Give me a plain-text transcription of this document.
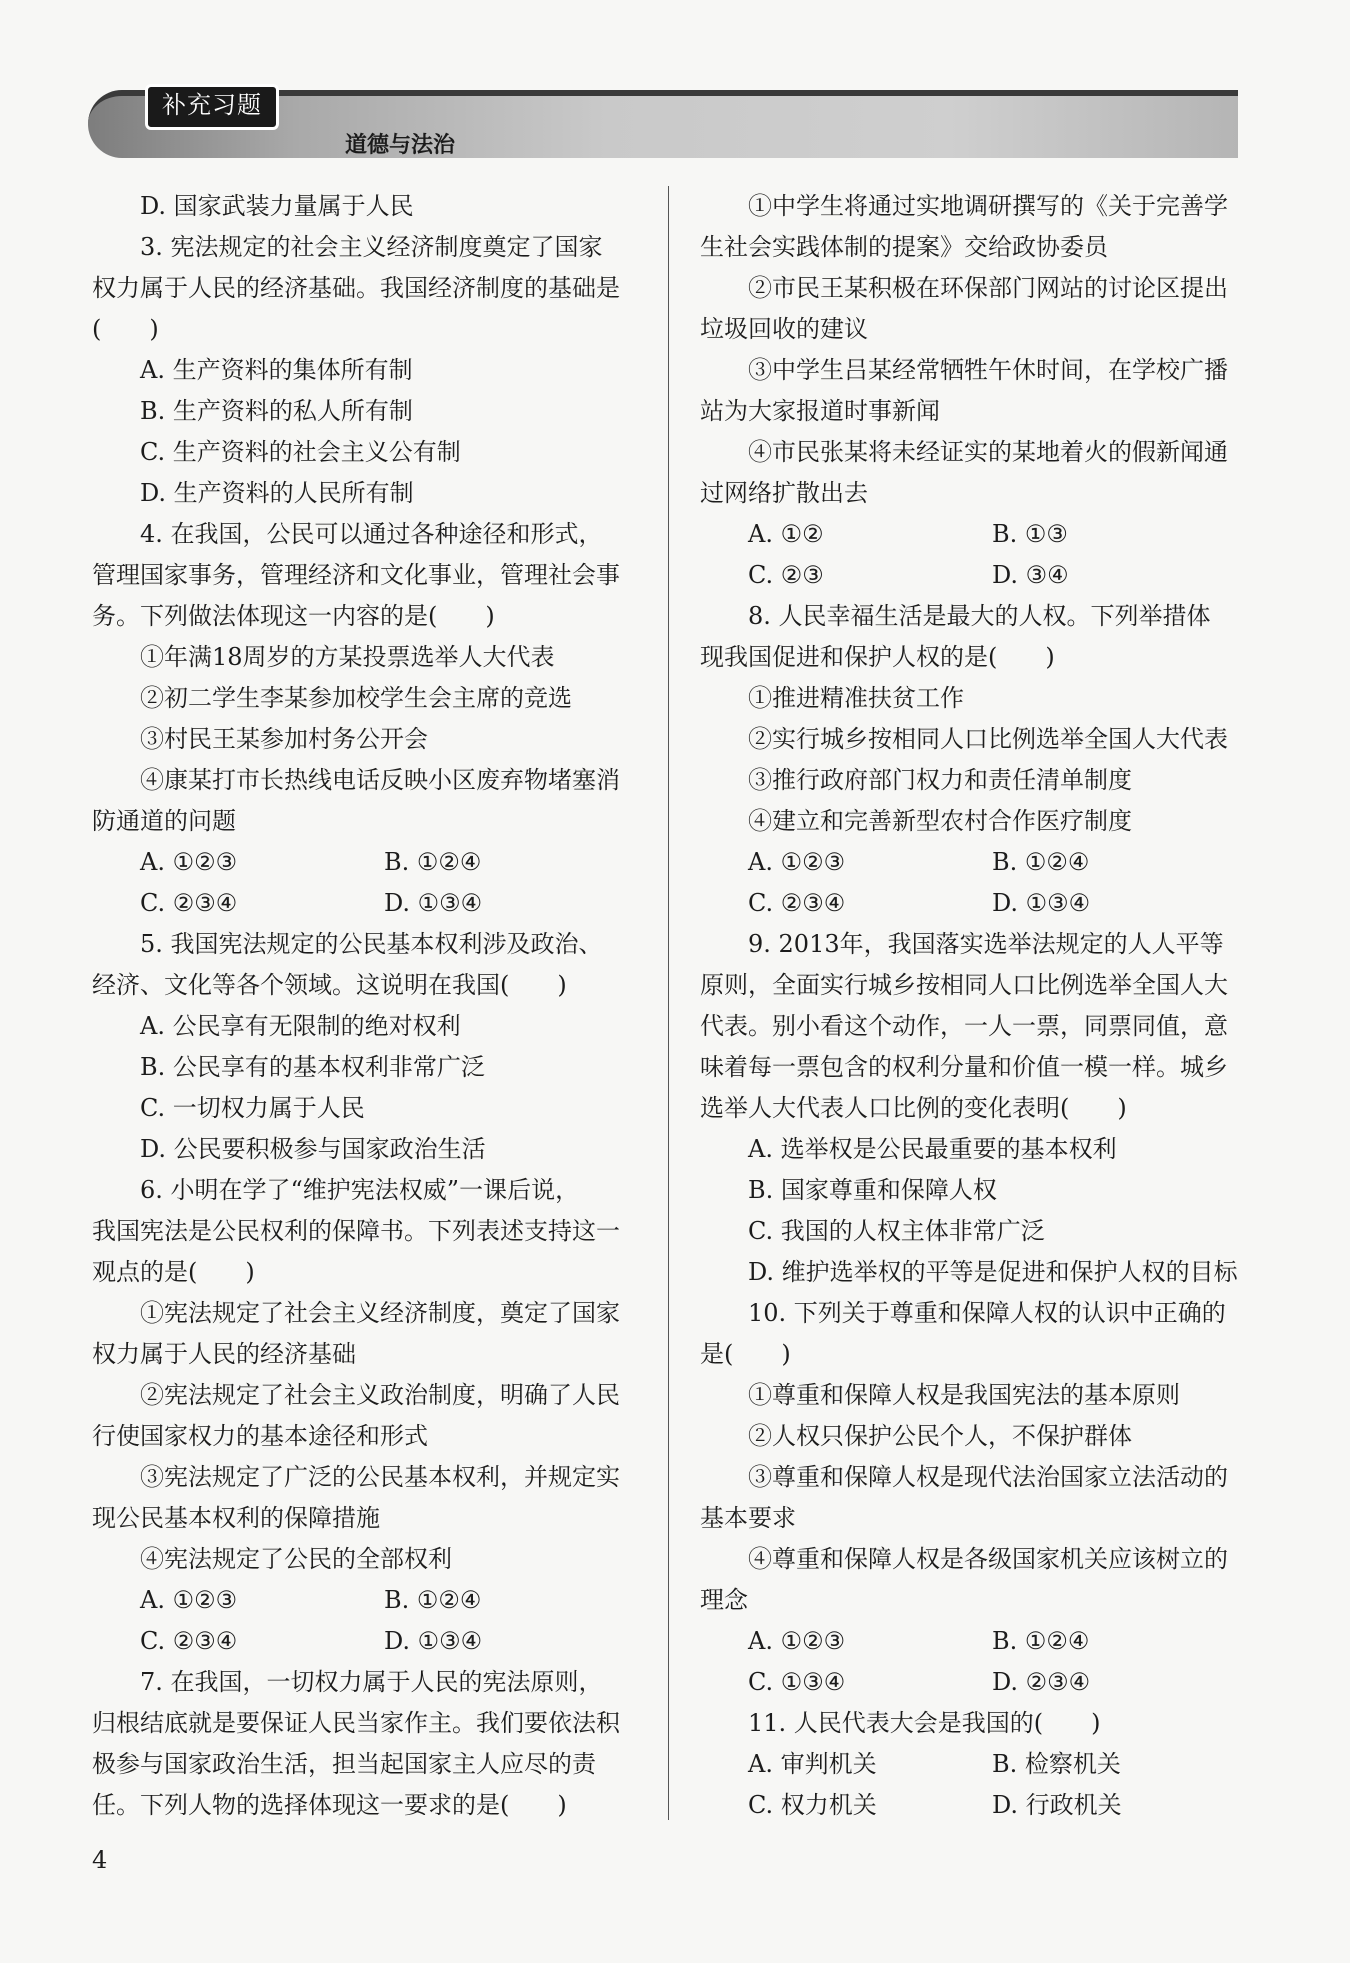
补充习题
道德与法治
D. 国家武装力量属于人民
3. 宪法规定的社会主义经济制度奠定了国家
权力属于人民的经济基础。我国经济制度的基础是
(　　)
A. 生产资料的集体所有制
B. 生产资料的私人所有制
C. 生产资料的社会主义公有制
D. 生产资料的人民所有制
4. 在我国，公民可以通过各种途径和形式，
管理国家事务，管理经济和文化事业，管理社会事
务。下列做法体现这一内容的是(　　)
①年满18周岁的方某投票选举人大代表
②初二学生李某参加校学生会主席的竞选
③村民王某参加村务公开会
④康某打市长热线电话反映小区废弃物堵塞消
防通道的问题
A. ①②③	B. ①②④
C. ②③④	D. ①③④
5. 我国宪法规定的公民基本权利涉及政治、
经济、文化等各个领域。这说明在我国(　　)
A. 公民享有无限制的绝对权利
B. 公民享有的基本权利非常广泛
C. 一切权力属于人民
D. 公民要积极参与国家政治生活
6. 小明在学了“维护宪法权威”一课后说，
我国宪法是公民权利的保障书。下列表述支持这一
观点的是(　　)
①宪法规定了社会主义经济制度，奠定了国家
权力属于人民的经济基础
②宪法规定了社会主义政治制度，明确了人民
行使国家权力的基本途径和形式
③宪法规定了广泛的公民基本权利，并规定实
现公民基本权利的保障措施
④宪法规定了公民的全部权利
A. ①②③	B. ①②④
C. ②③④	D. ①③④
7. 在我国，一切权力属于人民的宪法原则，
归根结底就是要保证人民当家作主。我们要依法积
极参与国家政治生活，担当起国家主人应尽的责
任。下列人物的选择体现这一要求的是(　　)
①中学生将通过实地调研撰写的《关于完善学
生社会实践体制的提案》交给政协委员
②市民王某积极在环保部门网站的讨论区提出
垃圾回收的建议
③中学生吕某经常牺牲午休时间，在学校广播
站为大家报道时事新闻
④市民张某将未经证实的某地着火的假新闻通
过网络扩散出去
A. ①②	B. ①③
C. ②③	D. ③④
8. 人民幸福生活是最大的人权。下列举措体
现我国促进和保护人权的是(　　)
①推进精准扶贫工作
②实行城乡按相同人口比例选举全国人大代表
③推行政府部门权力和责任清单制度
④建立和完善新型农村合作医疗制度
A. ①②③	B. ①②④
C. ②③④	D. ①③④
9. 2013年，我国落实选举法规定的人人平等
原则，全面实行城乡按相同人口比例选举全国人大
代表。别小看这个动作，一人一票，同票同值，意
味着每一票包含的权利分量和价值一模一样。城乡
选举人大代表人口比例的变化表明(　　)
A. 选举权是公民最重要的基本权利
B. 国家尊重和保障人权
C. 我国的人权主体非常广泛
D. 维护选举权的平等是促进和保护人权的目标
10. 下列关于尊重和保障人权的认识中正确的
是(　　)
①尊重和保障人权是我国宪法的基本原则
②人权只保护公民个人，不保护群体
③尊重和保障人权是现代法治国家立法活动的
基本要求
④尊重和保障人权是各级国家机关应该树立的
理念
A. ①②③	B. ①②④
C. ①③④	D. ②③④
11. 人民代表大会是我国的(　　)
A. 审判机关	B. 检察机关
C. 权力机关	D. 行政机关
4
